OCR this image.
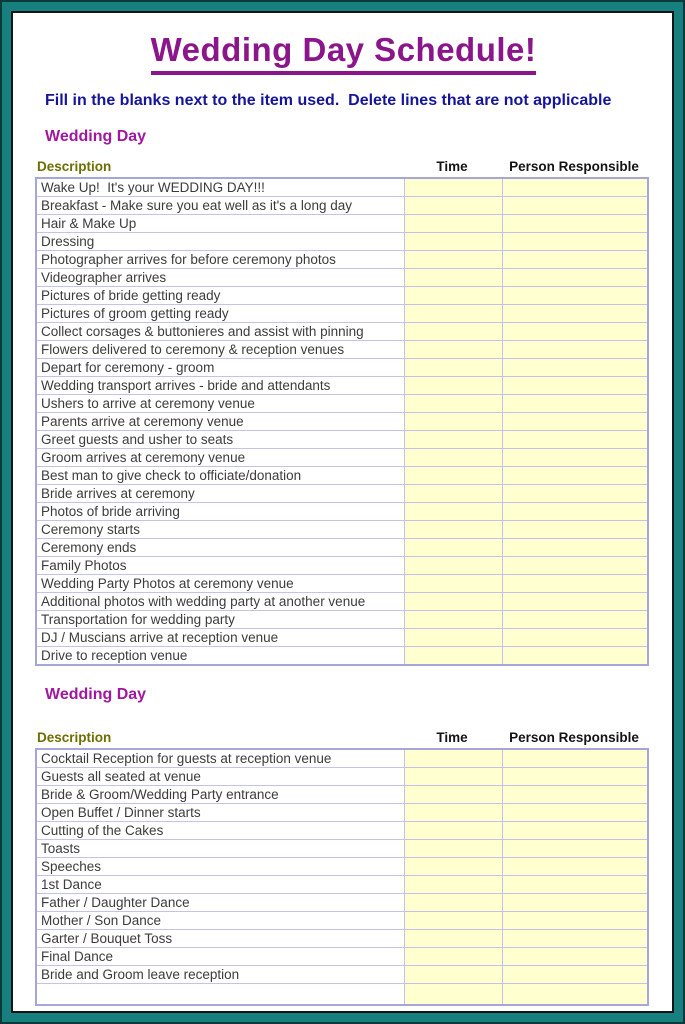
Wedding Day Schedule!

Fill in the blanks next to the item used.  Delete lines that are not applicable

Wedding Day
Description	Time	Person Responsible
Wake Up!  It's your WEDDING DAY!!!		
Breakfast - Make sure you eat well as it's a long day		
Hair & Make Up		
Dressing		
Photographer arrives for before ceremony photos		
Videographer arrives		
Pictures of bride getting ready		
Pictures of groom getting ready		
Collect corsages & buttonieres and assist with pinning		
Flowers delivered to ceremony & reception venues		
Depart for ceremony - groom		
Wedding transport arrives - bride and attendants		
Ushers to arrive at ceremony venue		
Parents arrive at ceremony venue		
Greet guests and usher to seats		
Groom arrives at ceremony venue		
Best man to give check to officiate/donation		
Bride arrives at ceremony		
Photos of bride arriving		
Ceremony starts		
Ceremony ends		
Family Photos		
Wedding Party Photos at ceremony venue		
Additional photos with wedding party at another venue		
Transportation for wedding party		
DJ / Muscians arrive at reception venue		
Drive to reception venue		
Wedding Day
Description	Time	Person Responsible
Cocktail Reception for guests at reception venue		
Guests all seated at venue		
Bride & Groom/Wedding Party entrance		
Open Buffet / Dinner starts		
Cutting of the Cakes		
Toasts		
Speeches		
1st Dance		
Father / Daughter Dance		
Mother / Son Dance		
Garter / Bouquet Toss		
Final Dance		
Bride and Groom leave reception		
